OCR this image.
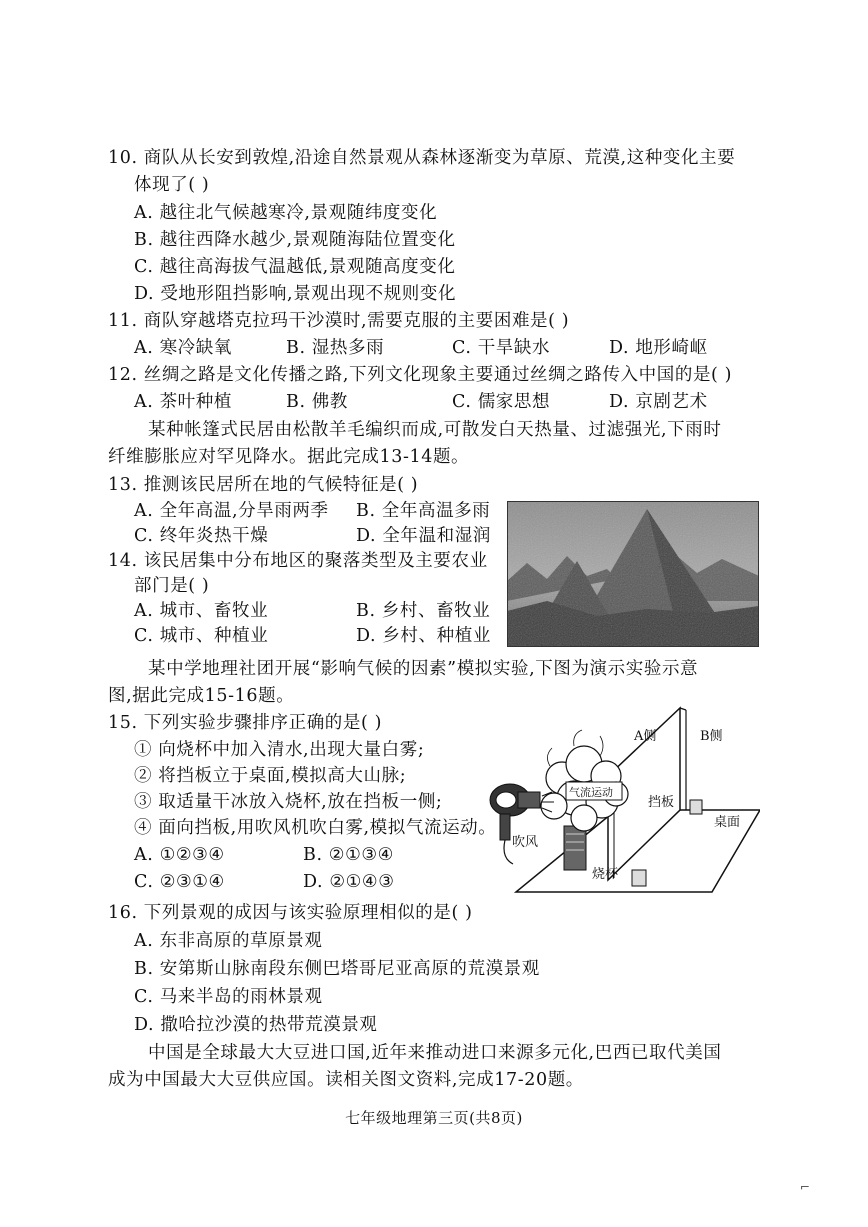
10. 商队从长安到敦煌,沿途自然景观从森林逐渐变为草原、荒漠,这种变化主要
体现了( )
A. 越往北气候越寒冷,景观随纬度变化
B. 越往西降水越少,景观随海陆位置变化
C. 越往高海拔气温越低,景观随高度变化
D. 受地形阻挡影响,景观出现不规则变化
11. 商队穿越塔克拉玛干沙漠时,需要克服的主要困难是( )
A. 寒冷缺氧	B. 湿热多雨	C. 干旱缺水	D. 地形崎岖
12. 丝绸之路是文化传播之路,下列文化现象主要通过丝绸之路传入中国的是( )
A. 茶叶种植	B. 佛教	C. 儒家思想	D. 京剧艺术
某种帐篷式民居由松散羊毛编织而成,可散发白天热量、过滤强光,下雨时
纤维膨胀应对罕见降水。据此完成13-14题。
13. 推测该民居所在地的气候特征是( )
A. 全年高温,分旱雨两季 B. 全年高温多雨
C. 终年炎热干燥	D. 全年温和湿润
14. 该民居集中分布地区的聚落类型及主要农业
部门是( )
A. 城市、畜牧业	B. 乡村、畜牧业
C. 城市、种植业	D. 乡村、种植业
某中学地理社团开展“影响气候的因素”模拟实验,下图为演示实验示意
图,据此完成15-16题。
15. 下列实验步骤排序正确的是( )
① 向烧杯中加入清水,出现大量白雾;
② 将挡板立于桌面,模拟高大山脉;
③ 取适量干冰放入烧杯,放在挡板一侧;
④ 面向挡板,用吹风机吹白雾,模拟气流运动。
A. ①②③④	B. ②①③④
C. ②③①④	D. ②①④③
A侧	B侧
气流运动
挡板
桌面
吹风
烧杯
16. 下列景观的成因与该实验原理相似的是( )
A. 东非高原的草原景观
B. 安第斯山脉南段东侧巴塔哥尼亚高原的荒漠景观
C. 马来半岛的雨林景观
D. 撒哈拉沙漠的热带荒漠景观
中国是全球最大大豆进口国,近年来推动进口来源多元化,巴西已取代美国
成为中国最大大豆供应国。读相关图文资料,完成17-20题。
七年级地理第三页(共8页)
⌐
